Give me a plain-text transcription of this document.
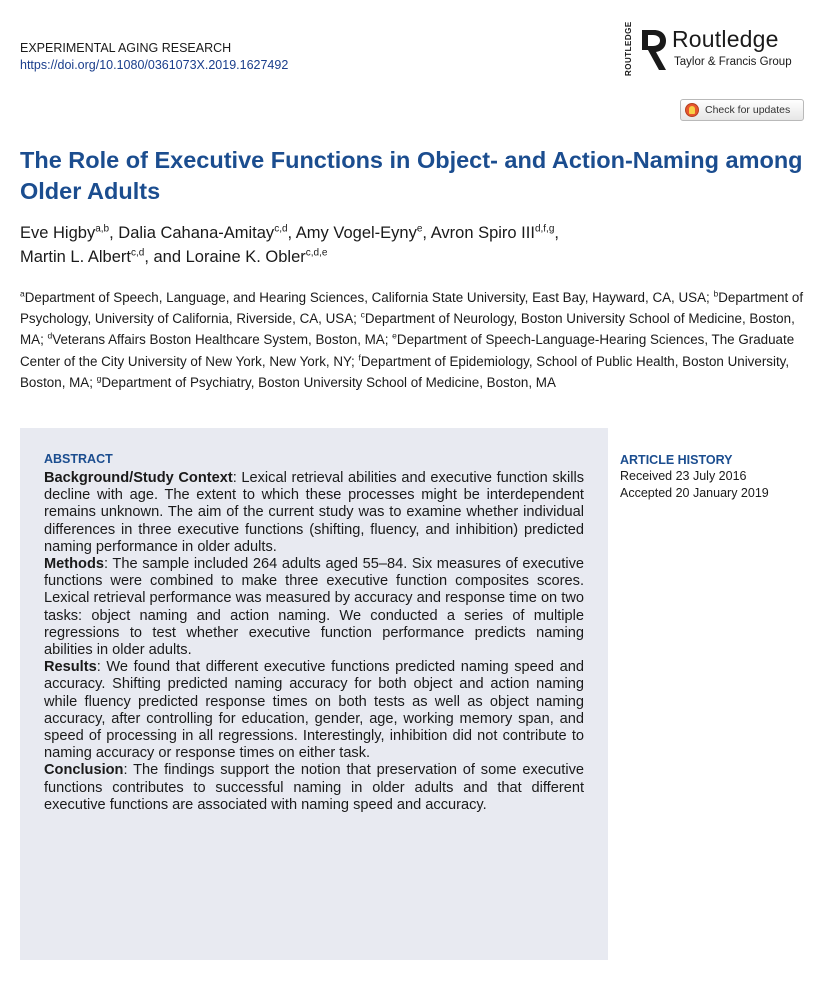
EXPERIMENTAL AGING RESEARCH
https://doi.org/10.1080/0361073X.2019.1627492	ROUTLEDGE Routledge
Taylor & Francis Group
Check for updates
The Role of Executive Functions in Object- and Action-Naming among Older Adults
Eve Higby$^{a,b}$, Dalia Cahana-Amitay$^{c,d}$, Amy Vogel-Eyny$^e$, Avron Spiro III$^{d,f,g}$,
Martin L. Albert$^{c,d}$, and Loraine K. Obler$^{c,d,e}$
$^a$Department of Speech, Language, and Hearing Sciences, California State University, East Bay, Hayward, CA, USA; $^b$Department of Psychology, University of California, Riverside, CA, USA; $^c$Department of Neurology, Boston University School of Medicine, Boston, MA; $^d$Veterans Affairs Boston Healthcare System, Boston, MA; $^e$Department of Speech-Language-Hearing Sciences, The Graduate Center of the City University of New York, New York, NY; $^f$Department of Epidemiology, School of Public Health, Boston University, Boston, MA; $^g$Department of Psychiatry, Boston University School of Medicine, Boston, MA
ABSTRACT

Background/Study Context: Lexical retrieval abilities and executive function skills decline with age. The extent to which these processes might be interdependent remains unknown. The aim of the current study was to examine whether individual differences in three executive functions (shifting, fluency, and inhibition) predicted naming performance in older adults.

Methods: The sample included 264 adults aged 55–84. Six measures of executive functions were combined to make three executive function composites scores. Lexical retrieval performance was measured by accuracy and response time on two tasks: object naming and action naming. We conducted a series of multiple regressions to test whether executive function performance predicts naming abilities in older adults.

Results: We found that different executive functions predicted naming speed and accuracy. Shifting predicted naming accuracy for both object and action naming while fluency predicted response times on both tests as well as object naming accuracy, after controlling for education, gender, age, working memory span, and speed of processing in all regressions. Interestingly, inhibition did not contribute to naming accuracy or response times on either task.

Conclusion: The findings support the notion that preservation of some executive functions contributes to successful naming in older adults and that different executive functions are associated with naming speed and accuracy.

ARTICLE HISTORY
Received 23 July 2016
Accepted 20 January 2019
